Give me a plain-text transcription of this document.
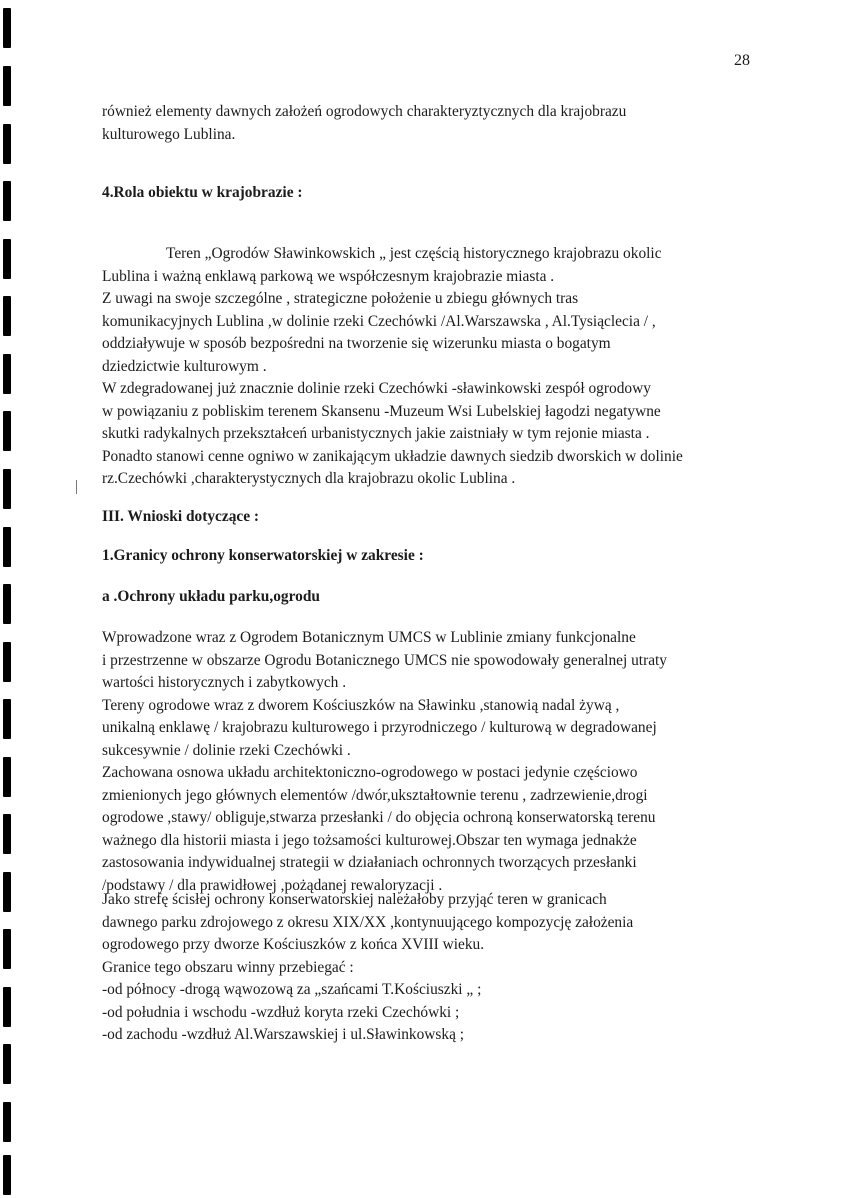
28
również elementy dawnych założeń ogrodowych charakteryztycznych dla krajobrazu
kulturowego Lublina.
4.Rola obiektu w krajobrazie :
Teren „Ogrodów Sławinkowskich „ jest częścią historycznego krajobrazu okolic
Lublina i ważną enklawą parkową we współczesnym krajobrazie miasta .
Z uwagi na swoje szczególne , strategiczne położenie u zbiegu głównych tras
komunikacyjnych Lublina ,w dolinie rzeki Czechówki /Al.Warszawska , Al.Tysiąclecia / ,
oddziaływuje w sposób bezpośredni na tworzenie się wizerunku miasta o bogatym
dziedzictwie kulturowym .
W zdegradowanej już znacznie dolinie rzeki Czechówki -sławinkowski zespół ogrodowy
w powiązaniu z pobliskim terenem Skansenu -Muzeum Wsi Lubelskiej łagodzi negatywne
skutki radykalnych przekształceń urbanistycznych jakie zaistniały w tym rejonie miasta .
Ponadto stanowi cenne ogniwo w zanikającym układzie dawnych siedzib dworskich w dolinie
rz.Czechówki ,charakterystycznych dla krajobrazu okolic Lublina .
III. Wnioski dotyczące :
1.Granicy ochrony konserwatorskiej w zakresie :
a .Ochrony układu parku,ogrodu
Wprowadzone wraz z Ogrodem Botanicznym UMCS w Lublinie zmiany funkcjonalne
i przestrzenne w obszarze Ogrodu Botanicznego UMCS nie spowodowały generalnej utraty
wartości historycznych i zabytkowych .
Tereny ogrodowe wraz z dworem Kościuszków na Sławinku ,stanowią nadal żywą ,
unikalną enklawę / krajobrazu kulturowego i przyrodniczego / kulturową w degradowanej
sukcesywnie / dolinie rzeki Czechówki .
Zachowana osnowa układu architektoniczno-ogrodowego w postaci jedynie częściowo
zmienionych jego głównych elementów /dwór,ukształtownie terenu , zadrzewienie,drogi
ogrodowe ,stawy/ obliguje,stwarza przesłanki / do objęcia ochroną konserwatorską terenu
ważnego dla historii miasta i jego tożsamości kulturowej.Obszar ten wymaga jednakże
zastosowania indywidualnej strategii w działaniach ochronnych tworzących przesłanki
/podstawy / dla prawidłowej ,pożądanej rewaloryzacji .
Jako strefę ścisłej ochrony konserwatorskiej należałoby przyjąć teren w granicach
dawnego parku zdrojowego z okresu XIX/XX ,kontynuującego kompozycję założenia
ogrodowego przy dworze Kościuszków z końca XVIII wieku.
Granice tego obszaru winny przebiegać :
-od północy -drogą wąwozową za „szańcami T.Kościuszki „ ;
-od południa i wschodu -wzdłuż koryta rzeki Czechówki ;
-od zachodu -wzdłuż Al.Warszawskiej i ul.Sławinkowską ;
